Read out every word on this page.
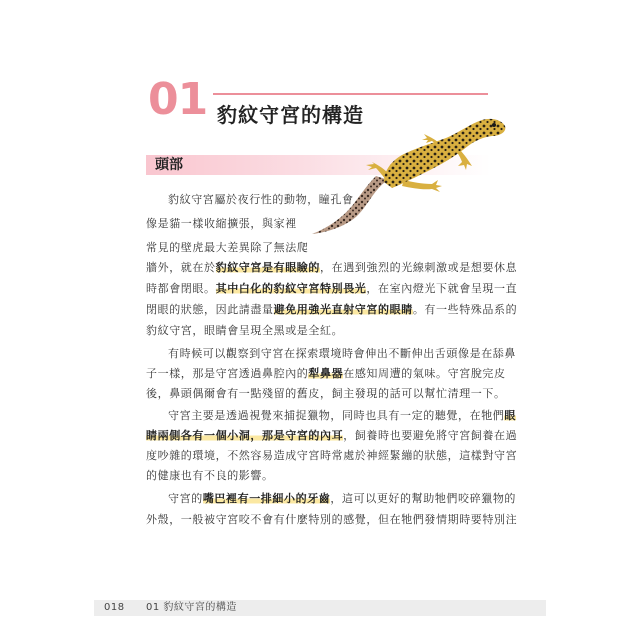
01 豹紋守宮的構造
頭部
豹紋守宮屬於夜行性的動物，瞳孔會
像是貓一樣收縮擴張，與家裡
常見的壁虎最大差異除了無法爬
牆外，就在於豹紋守宮是有眼瞼的，在遇到強烈的光線刺激或是想要休息
時都會閉眼。其中白化的豹紋守宮特別畏光，在室內燈光下就會呈現一直
閉眼的狀態，因此請盡量避免用強光直射守宮的眼睛。有一些特殊品系的
豹紋守宮，眼睛會呈現全黑或是全紅。
有時候可以觀察到守宮在探索環境時會伸出不斷伸出舌頭像是在舔鼻
子一樣，那是守宮透過鼻腔內的犁鼻器在感知周遭的氣味。守宮脫完皮
後，鼻頭偶爾會有一點殘留的舊皮，飼主發現的話可以幫忙清理一下。
守宮主要是透過視覺來捕捉獵物，同時也具有一定的聽覺，在牠們眼
睛兩側各有一個小洞，那是守宮的內耳，飼養時也要避免將守宮飼養在過
度吵雜的環境，不然容易造成守宮時常處於神經緊繃的狀態，這樣對守宮
的健康也有不良的影響。
守宮的嘴巴裡有一排細小的牙齒，這可以更好的幫助牠們咬碎獵物的
外殼，一般被守宮咬不會有什麼特別的感覺，但在牠們發情期時要特別注
018 01 豹紋守宮的構造
